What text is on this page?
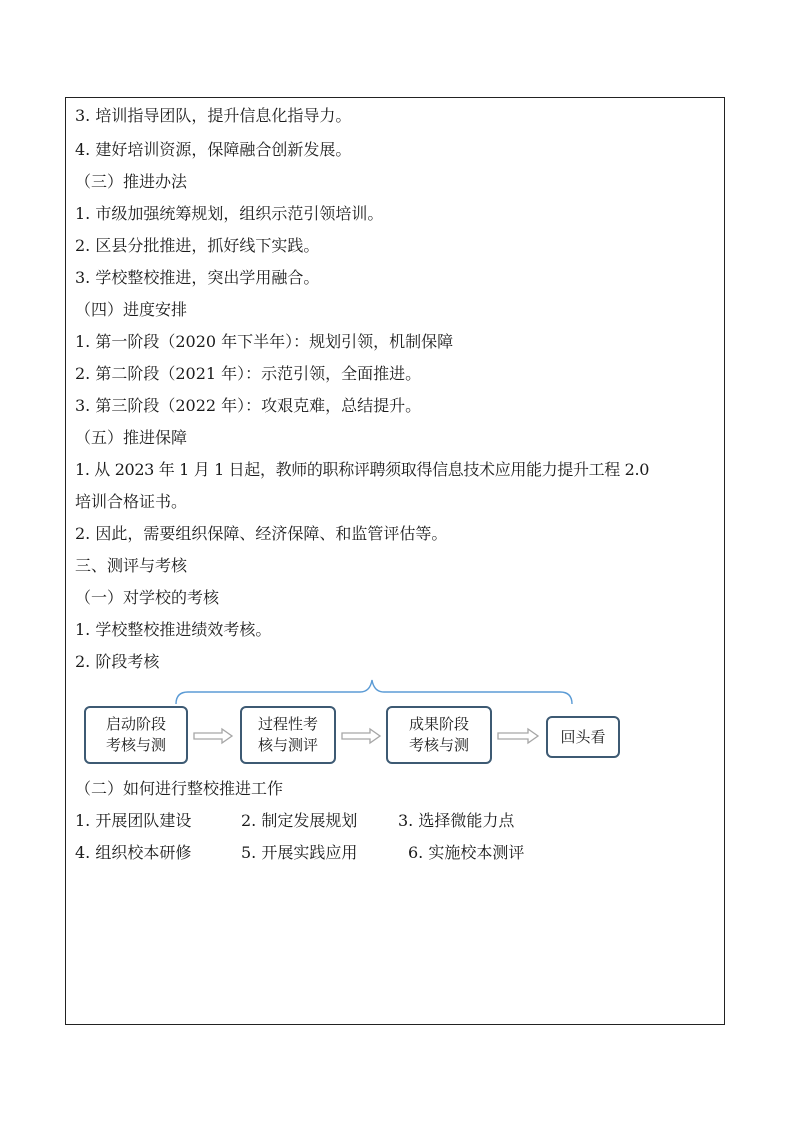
3. 培训指导团队，提升信息化指导力。
4. 建好培训资源，保障融合创新发展。
（三）推进办法
1. 市级加强统筹规划，组织示范引领培训。
2. 区县分批推进，抓好线下实践。
3. 学校整校推进，突出学用融合。
（四）进度安排
1. 第一阶段（2020 年下半年）：规划引领，机制保障
2. 第二阶段（2021 年）：示范引领，全面推进。
3. 第三阶段（2022 年）：攻艰克难，总结提升。
（五）推进保障
1. 从 2023 年 1 月 1 日起，教师的职称评聘须取得信息技术应用能力提升工程 2.0
培训合格证书。
2. 因此，需要组织保障、经济保障、和监管评估等。
三、测评与考核
（一）对学校的考核
1. 学校整校推进绩效考核。
2. 阶段考核
启动阶段
考核与测
过程性考
核与测评
成果阶段
考核与测	回头看
（二）如何进行整校推进工作
1. 开展团队建设	2. 制定发展规划	3. 选择微能力点
4. 组织校本研修	5. 开展实践应用	6. 实施校本测评
